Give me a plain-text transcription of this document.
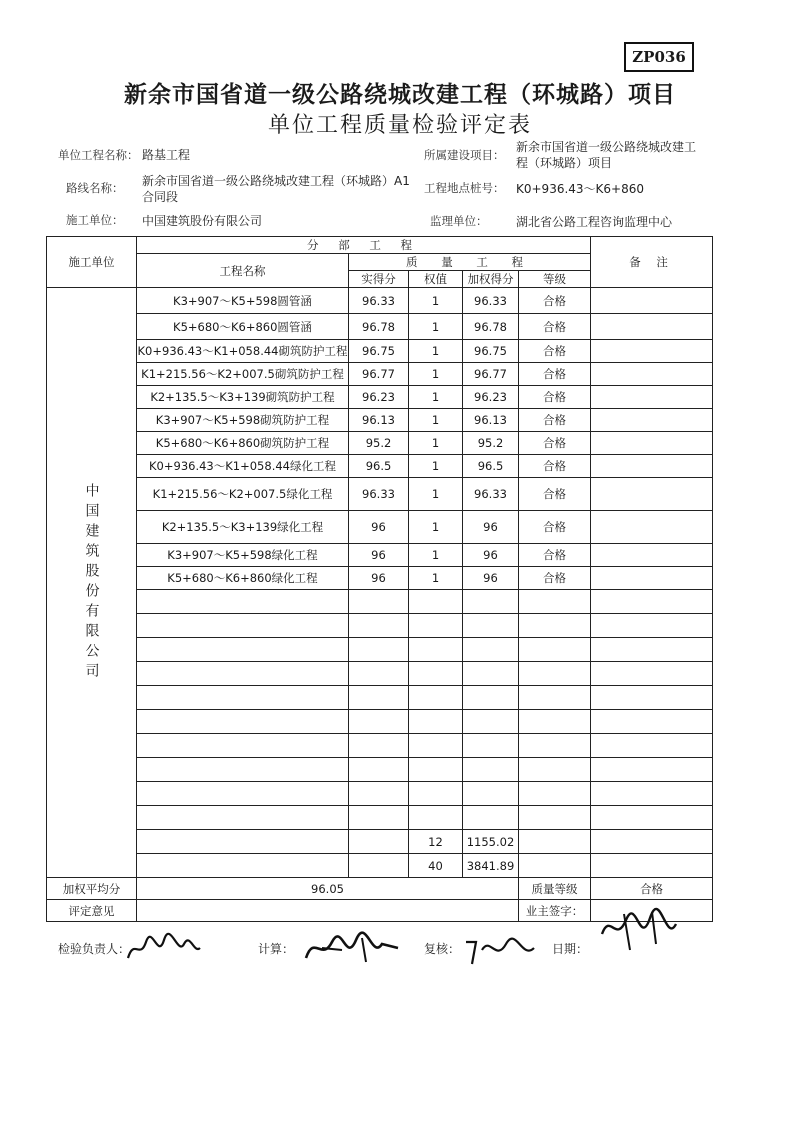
ZP036
新余市国省道一级公路绕城改建工程（环城路）项目
单位工程质量检验评定表
单位工程名称： 路基工程	所属建设项目：
新余市国省道一级公路绕城改建工
程（环城路）项目
路线名称： 新余市国省道一级公路绕城改建工程（环城路）A1
合同段
工程地点桩号： K0+936.43～K6+860
施工单位： 中国建筑股份有限公司	监理单位： 湖北省公路工程咨询监理中心
施工单位	分 部 工 程					备 注
	工程名称	质 量 工 程				
		实得分	权值	加权得分	等级	
中国建筑股份有限公司	K3+907～K5+598圆管涵	96.33	1	96.33	合格	
	K5+680～K6+860圆管涵	96.78	1	96.78	合格	
	K0+936.43～K1+058.44砌筑防护工程	96.75	1	96.75	合格	
	K1+215.56～K2+007.5砌筑防护工程	96.77	1	96.77	合格	
	K2+135.5～K3+139砌筑防护工程	96.23	1	96.23	合格	
	K3+907～K5+598砌筑防护工程	96.13	1	96.13	合格	
	K5+680～K6+860砌筑防护工程	95.2	1	95.2	合格	
	K0+936.43～K1+058.44绿化工程	96.5	1	96.5	合格	
	K1+215.56～K2+007.5绿化工程	96.33	1	96.33	合格	
	K2+135.5～K3+139绿化工程	96	1	96	合格	
	K3+907～K5+598绿化工程	96	1	96	合格	
	K5+680～K6+860绿化工程	96	1	96	合格	

			12	1155.02		
			40	3841.89		
加权平均分	96.05				质量等级	合格
评定意见					业主签字：	
检验负责人：	计算：	复核：	日期：
